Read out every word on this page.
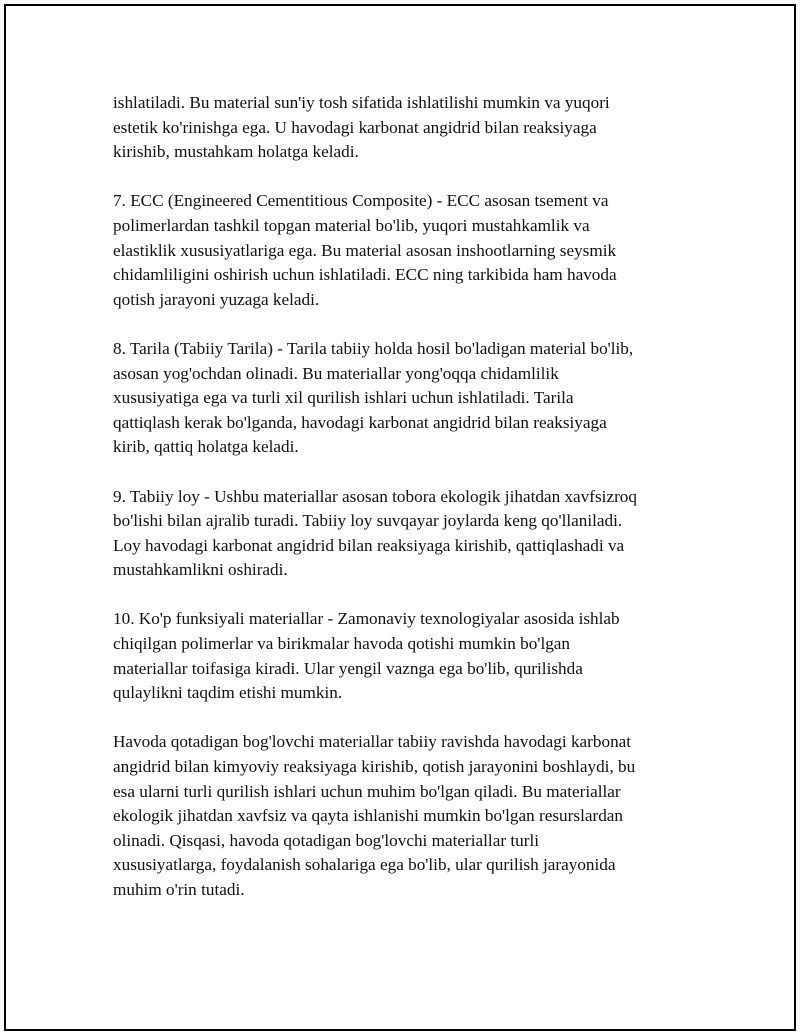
ishlatiladi. Bu material sun'iy tosh sifatida ishlatilishi mumkin va yuqori
estetik ko'rinishga ega. U havodagi karbonat angidrid bilan reaksiyaga
kirishib, mustahkam holatga keladi.

7. ECC (Engineered Cementitious Composite) - ECC asosan tsement va
polimerlardan tashkil topgan material bo'lib, yuqori mustahkamlik va
elastiklik xususiyatlariga ega. Bu material asosan inshootlarning seysmik
chidamliligini oshirish uchun ishlatiladi. ECC ning tarkibida ham havoda
qotish jarayoni yuzaga keladi.

8. Tarila (Tabiiy Tarila) - Tarila tabiiy holda hosil bo'ladigan material bo'lib,
asosan yog'ochdan olinadi. Bu materiallar yong'oqqa chidamlilik
xususiyatiga ega va turli xil qurilish ishlari uchun ishlatiladi. Tarila
qattiqlash kerak bo'lganda, havodagi karbonat angidrid bilan reaksiyaga
kirib, qattiq holatga keladi.

9. Tabiiy loy - Ushbu materiallar asosan tobora ekologik jihatdan xavfsizroq
bo'lishi bilan ajralib turadi. Tabiiy loy suvqayar joylarda keng qo'llaniladi.
Loy havodagi karbonat angidrid bilan reaksiyaga kirishib, qattiqlashadi va
mustahkamlikni oshiradi.

10. Ko'p funksiyali materiallar - Zamonaviy texnologiyalar asosida ishlab
chiqilgan polimerlar va birikmalar havoda qotishi mumkin bo'lgan
materiallar toifasiga kiradi. Ular yengil vaznga ega bo'lib, qurilishda
qulaylikni taqdim etishi mumkin.

Havoda qotadigan bog'lovchi materiallar tabiiy ravishda havodagi karbonat
angidrid bilan kimyoviy reaksiyaga kirishib, qotish jarayonini boshlaydi, bu
esa ularni turli qurilish ishlari uchun muhim bo'lgan qiladi. Bu materiallar
ekologik jihatdan xavfsiz va qayta ishlanishi mumkin bo'lgan resurslardan
olinadi. Qisqasi, havoda qotadigan bog'lovchi materiallar turli
xususiyatlarga, foydalanish sohalariga ega bo'lib, ular qurilish jarayonida
muhim o'rin tutadi.
